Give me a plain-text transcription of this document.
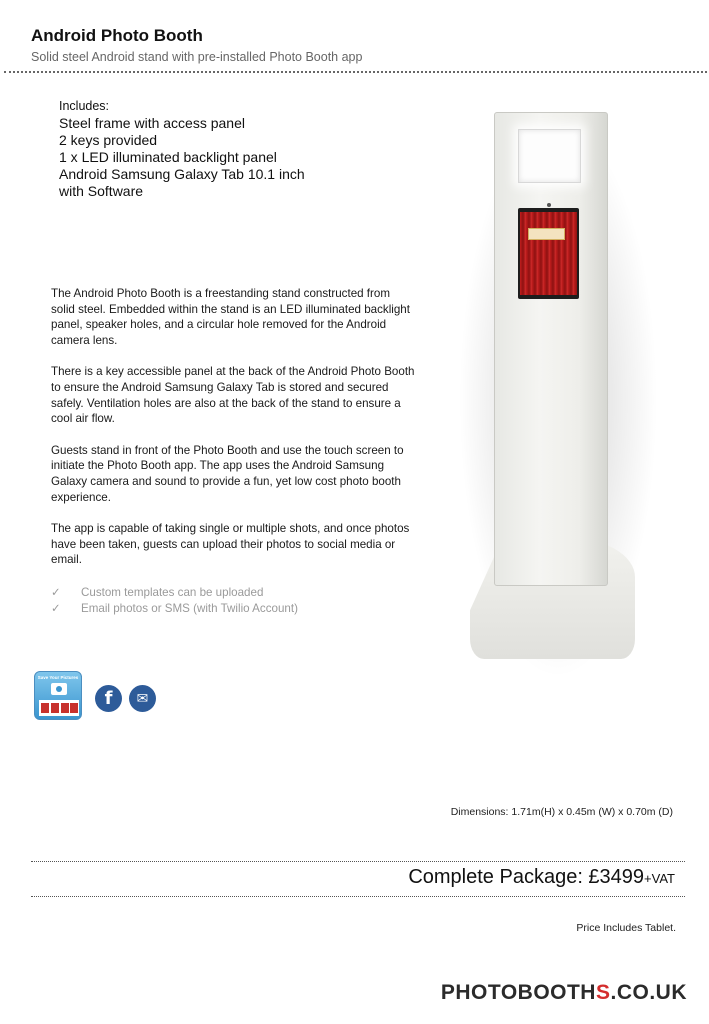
Android Photo Booth
Solid steel Android stand with pre-installed Photo Booth app
Includes:
Steel frame with access panel
2 keys provided
1 x LED illuminated backlight panel
Android Samsung Galaxy Tab 10.1 inch
with Software

The Android Photo Booth is a freestanding stand constructed from solid steel. Embedded within the stand is an LED illuminated backlight panel, speaker holes, and a circular hole removed for the Android camera lens.

There is a key accessible panel at the back of the Android Photo Booth to ensure the Android Samsung Galaxy Tab is stored and secured safely. Ventilation holes are also at the back of the stand to ensure a cool air flow.

Guests stand in front of the Photo Booth and use the touch screen to initiate the Photo Booth app. The app uses the Android Samsung Galaxy camera and sound to provide a fun, yet low cost photo booth experience.

The app is capable of taking single or multiple shots, and once photos have been taken, guests can upload their photos to social media or email.

✓	Custom templates can be uploaded
✓	Email photos or SMS (with Twilio Account)
Save Your Pictures
f	✉
Dimensions: 1.71m(H) x 0.45m (W) x 0.70m (D)
Complete Package: £3499+VAT
Price Includes Tablet.
PHOTOBOOTHS.CO.UK
